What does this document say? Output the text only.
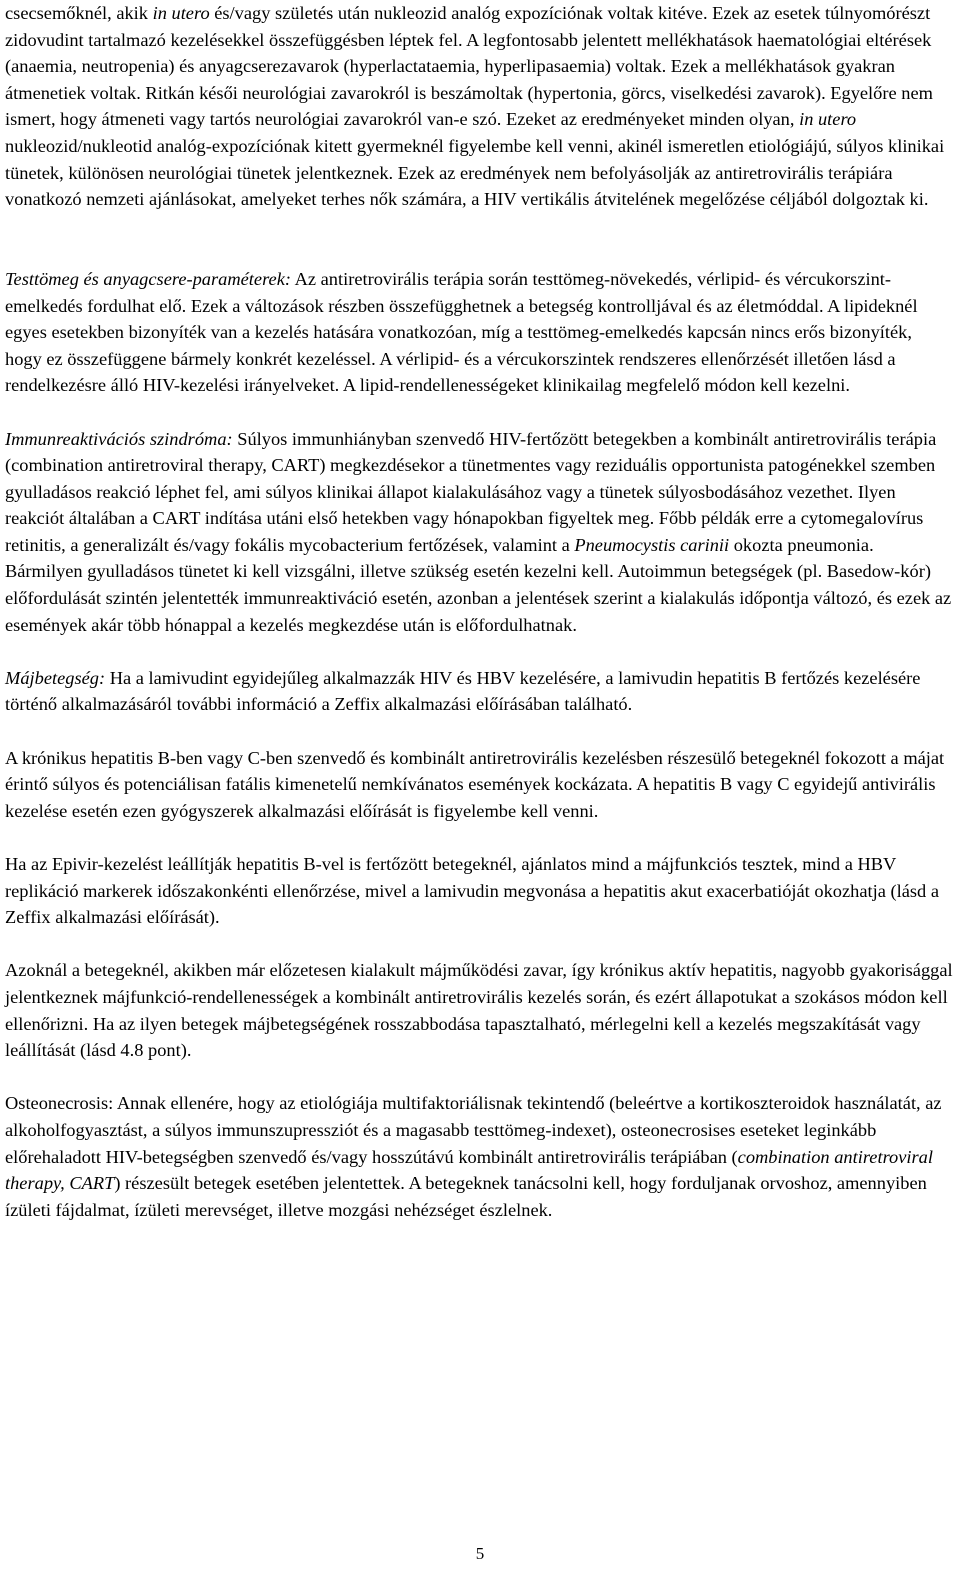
csecsemőknél, akik in utero és/vagy születés után nukleozid analóg expozíciónak voltak kitéve. Ezek az esetek túlnyomórészt zidovudint tartalmazó kezelésekkel összefüggésben léptek fel. A legfontosabb jelentett mellékhatások haematológiai eltérések (anaemia, neutropenia) és anyagcserezavarok (hyperlactataemia, hyperlipasaemia) voltak. Ezek a mellékhatások gyakran átmenetiek voltak. Ritkán késői neurológiai zavarokról is beszámoltak (hypertonia, görcs, viselkedési zavarok). Egyelőre nem ismert, hogy átmeneti vagy tartós neurológiai zavarokról van-e szó. Ezeket az eredményeket minden olyan, in utero nukleozid/nukleotid analóg-expozíciónak kitett gyermeknél figyelembe kell venni, akinél ismeretlen etiológiájú, súlyos klinikai tünetek, különösen neurológiai tünetek jelentkeznek. Ezek az eredmények nem befolyásolják az antiretrovirális terápiára vonatkozó nemzeti ajánlásokat, amelyeket terhes nők számára, a HIV vertikális átvitelének megelőzése céljából dolgoztak ki.

Testtömeg és anyagcsere-paraméterek: Az antiretrovirális terápia során testtömeg-növekedés, vérlipid- és vércukorszint-emelkedés fordulhat elő. Ezek a változások részben összefügghetnek a betegség kontrolljával és az életmóddal. A lipideknél egyes esetekben bizonyíték van a kezelés hatására vonatkozóan, míg a testtömeg-emelkedés kapcsán nincs erős bizonyíték, hogy ez összefüggene bármely konkrét kezeléssel. A vérlipid- és a vércukorszintek rendszeres ellenőrzését illetően lásd a rendelkezésre álló HIV-kezelési irányelveket. A lipid-rendellenességeket klinikailag megfelelő módon kell kezelni.

Immunreaktivációs szindróma: Súlyos immunhiányban szenvedő HIV-fertőzött betegekben a kombinált antiretrovirális terápia (combination antiretroviral therapy, CART) megkezdésekor a tünetmentes vagy reziduális opportunista patogénekkel szemben gyulladásos reakció léphet fel, ami súlyos klinikai állapot kialakulásához vagy a tünetek súlyosbodásához vezethet. Ilyen reakciót általában a CART indítása utáni első hetekben vagy hónapokban figyeltek meg. Főbb példák erre a cytomegalovírus retinitis, a generalizált és/vagy fokális mycobacterium fertőzések, valamint a Pneumocystis carinii okozta pneumonia. Bármilyen gyulladásos tünetet ki kell vizsgálni, illetve szükség esetén kezelni kell. Autoimmun betegségek (pl. Basedow-kór) előfordulását szintén jelentették immunreaktiváció esetén, azonban a jelentések szerint a kialakulás időpontja változó, és ezek az események akár több hónappal a kezelés megkezdése után is előfordulhatnak.

Májbetegség: Ha a lamivudint egyidejűleg alkalmazzák HIV és HBV kezelésére, a lamivudin hepatitis B fertőzés kezelésére történő alkalmazásáról további információ a Zeffix alkalmazási előírásában található.

A krónikus hepatitis B-ben vagy C-ben szenvedő és kombinált antiretrovirális kezelésben részesülő betegeknél fokozott a májat érintő súlyos és potenciálisan fatális kimenetelű nemkívánatos események kockázata. A hepatitis B vagy C egyidejű antivirális kezelése esetén ezen gyógyszerek alkalmazási előírását is figyelembe kell venni.

Ha az Epivir-kezelést leállítják hepatitis B-vel is fertőzött betegeknél, ajánlatos mind a májfunkciós tesztek, mind a HBV replikáció markerek időszakonkénti ellenőrzése, mivel a lamivudin megvonása a hepatitis akut exacerbatióját okozhatja (lásd a Zeffix alkalmazási előírását).

Azoknál a betegeknél, akikben már előzetesen kialakult májműködési zavar, így krónikus aktív hepatitis, nagyobb gyakorisággal jelentkeznek májfunkció-rendellenességek a kombinált antiretrovirális kezelés során, és ezért állapotukat a szokásos módon kell ellenőrizni. Ha az ilyen betegek májbetegségének rosszabbodása tapasztalható, mérlegelni kell a kezelés megszakítását vagy leállítását (lásd 4.8 pont).

Osteonecrosis: Annak ellenére, hogy az etiológiája multifaktoriálisnak tekintendő (beleértve a kortikoszteroidok használatát, az alkoholfogyasztást, a súlyos immunszupressziót és a magasabb testtömeg-indexet), osteonecrosises eseteket leginkább előrehaladott HIV-betegségben szenvedő és/vagy hosszútávú kombinált antiretrovirális terápiában (combination antiretroviral therapy, CART) részesült betegek esetében jelentettek. A betegeknek tanácsolni kell, hogy forduljanak orvoshoz, amennyiben ízületi fájdalmat, ízületi merevséget, illetve mozgási nehézséget észlelnek.

5
